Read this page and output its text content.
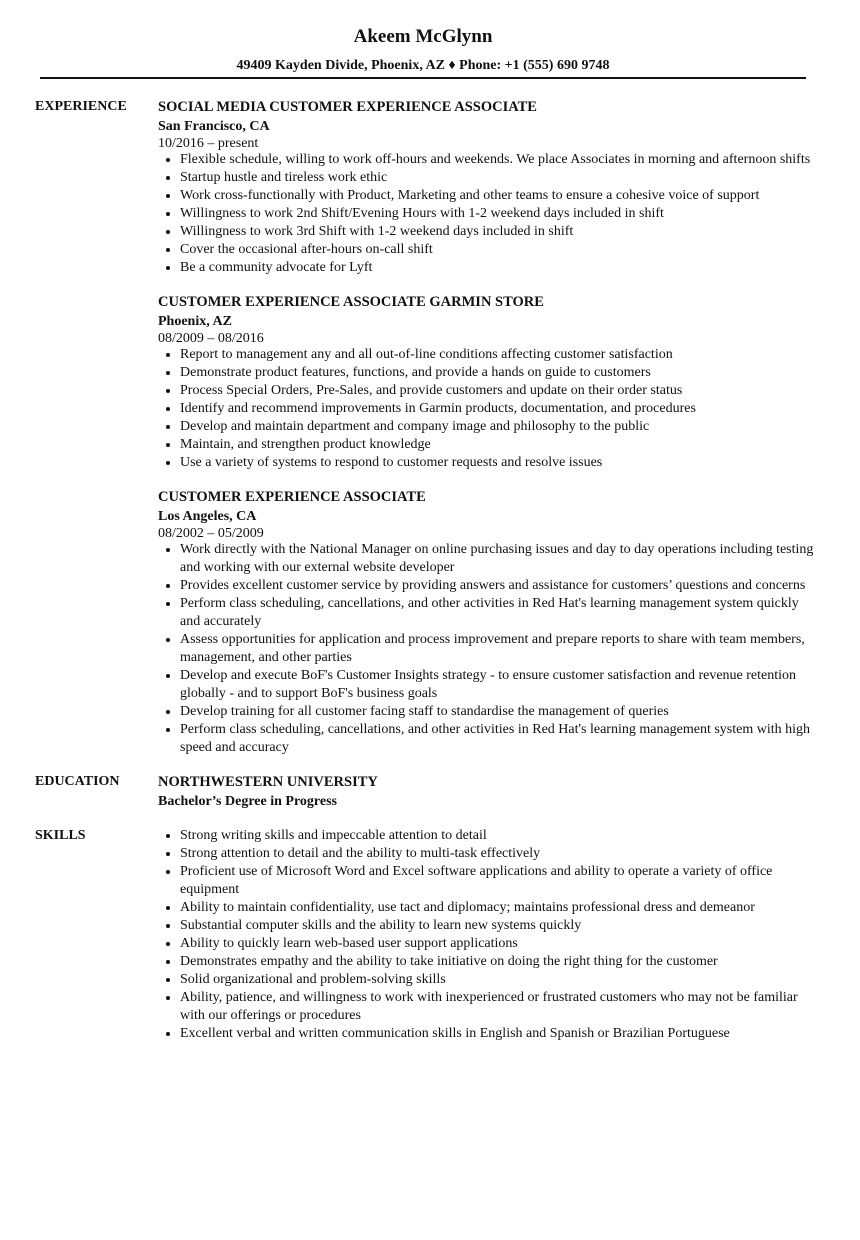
Akeem McGlynn
49409 Kayden Divide, Phoenix, AZ ♦ Phone: +1 (555) 690 9748
EXPERIENCE	SOCIAL MEDIA CUSTOMER EXPERIENCE ASSOCIATE
San Francisco, CA
10/2016 – present
Flexible schedule, willing to work off-hours and weekends. We place Associates in morning and afternoon shifts
Startup hustle and tireless work ethic
Work cross-functionally with Product, Marketing and other teams to ensure a cohesive voice of support
Willingness to work 2nd Shift/Evening Hours with 1-2 weekend days included in shift
Willingness to work 3rd Shift with 1-2 weekend days included in shift
Cover the occasional after-hours on-call shift
Be a community advocate for Lyft
CUSTOMER EXPERIENCE ASSOCIATE GARMIN STORE
Phoenix, AZ
08/2009 – 08/2016
Report to management any and all out-of-line conditions affecting customer satisfaction
Demonstrate product features, functions, and provide a hands on guide to customers
Process Special Orders, Pre-Sales, and provide customers and update on their order status
Identify and recommend improvements in Garmin products, documentation, and procedures
Develop and maintain department and company image and philosophy to the public
Maintain, and strengthen product knowledge
Use a variety of systems to respond to customer requests and resolve issues
CUSTOMER EXPERIENCE ASSOCIATE
Los Angeles, CA
08/2002 – 05/2009
Work directly with the National Manager on online purchasing issues and day to day operations including testing and working with our external website developer
Provides excellent customer service by providing answers and assistance for customers’ questions and concerns
Perform class scheduling, cancellations, and other activities in Red Hat's learning management system quickly and accurately
Assess opportunities for application and process improvement and prepare reports to share with team members, management, and other parties
Develop and execute BoF's Customer Insights strategy - to ensure customer satisfaction and revenue retention globally - and to support BoF's business goals
Develop training for all customer facing staff to standardise the management of queries
Perform class scheduling, cancellations, and other activities in Red Hat's learning management system with high speed and accuracy
EDUCATION	NORTHWESTERN UNIVERSITY
Bachelor’s Degree in Progress
SKILLS	Strong writing skills and impeccable attention to detail
Strong attention to detail and the ability to multi-task effectively
Proficient use of Microsoft Word and Excel software applications and ability to operate a variety of office equipment
Ability to maintain confidentiality, use tact and diplomacy; maintains professional dress and demeanor
Substantial computer skills and the ability to learn new systems quickly
Ability to quickly learn web-based user support applications
Demonstrates empathy and the ability to take initiative on doing the right thing for the customer
Solid organizational and problem-solving skills
Ability, patience, and willingness to work with inexperienced or frustrated customers who may not be familiar with our offerings or procedures
Excellent verbal and written communication skills in English and Spanish or Brazilian Portuguese
